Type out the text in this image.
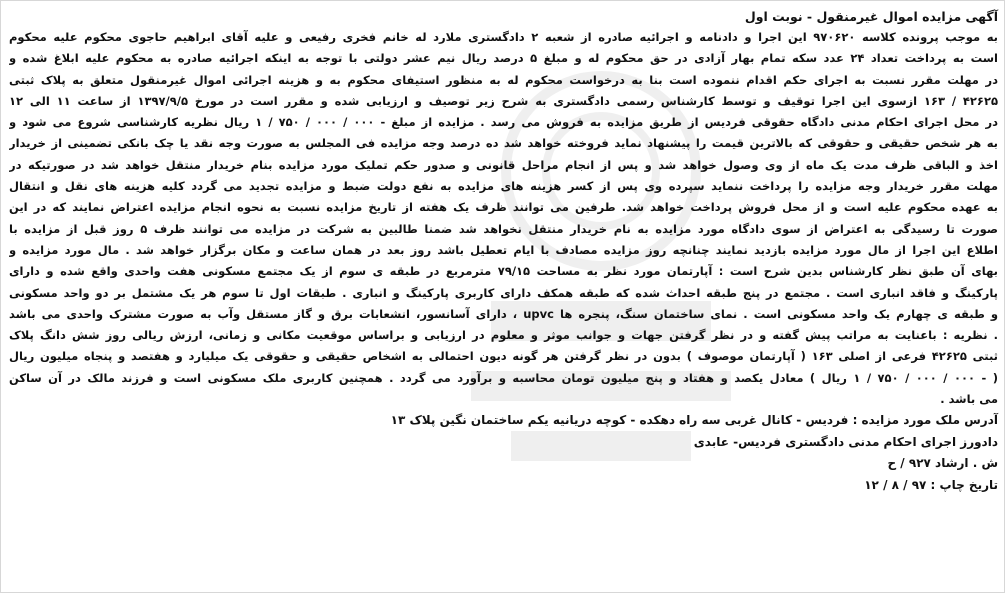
آگهی مزایده اموال غیرمنقول - نوبت اول
به موجب پرونده کلاسه ۹۷۰۶۲۰ این اجرا و دادنامه و اجرائیه صادره از شعبه ۲ دادگستری ملارد له خانم فخری رفیعی و علیه آقای ابراهیم حاجوی محکوم علیه محکوم
است به پرداخت تعداد ۲۴ عدد سکه تمام بهار آزادی در حق محکوم له و مبلغ ۵ درصد ریال نیم عشر دولتی با توجه به اینکه اجرائیه صادره به محکوم علیه ابلاغ شده و
در مهلت مقرر نسبت به اجرای حکم اقدام ننموده است بنا به درخواست محکوم له به منظور استیفای محکوم به و هزینه اجرائی اموال غیرمنقول متعلق به پلاک ثبتی
۴۲۶۲۵ / ۱۶۳ ازسوی این اجرا توقیف و توسط کارشناس رسمی دادگستری به شرح زیر توصیف و ارزیابی شده و مقرر است در مورخ ۱۳۹۷/۹/۵ از ساعت ۱۱ الی ۱۲
در محل اجرای احکام مدنی دادگاه حقوقی فردیس از طریق مزایده به فروش می رسد . مزایده از مبلغ - ۰۰۰ / ۰۰۰ / ۷۵۰ / ۱ ریال نظریه کارشناسی شروع می شود و
به هر شخص حقیقی و حقوقی که بالاترین قیمت را پیشنهاد نماید فروخته خواهد شد ده درصد وجه مزایده فی المجلس به صورت وجه نقد یا چک بانکی تضمینی از خریدار
اخذ و الباقی ظرف مدت یک ماه از وی وصول خواهد شد و پس از انجام مراحل قانونی و صدور حکم تملیک مورد مزایده بنام خریدار منتقل خواهد شد در صورتیکه در
مهلت مقرر خریدار وجه مزایده را پرداخت ننماید سپرده وی پس از کسر هزینه های مزایده به نفع دولت ضبط و مزایده تجدید می گردد کلیه هزینه های نقل و انتقال
به عهده محکوم علیه است و از محل فروش پرداخت خواهد شد. طرفین می توانند ظرف یک هفته از تاریخ مزایده نسبت به نحوه انجام مزایده اعتراض نمایند که در این
صورت تا رسیدگی به اعتراض از سوی دادگاه مورد مزایده به نام خریدار منتقل نخواهد شد ضمنا طالبین به شرکت در مزایده می توانند ظرف ۵ روز قبل از مزایده با
اطلاع این اجرا از مال مورد مزایده بازدید نمایند چنانچه روز مزایده مصادف با ایام تعطیل باشد روز بعد در همان ساعت و مکان برگزار خواهد شد . مال مورد مزایده و
بهای آن طبق نظر کارشناس بدین شرح است : آپارتمان مورد نظر به مساحت ۷۹/۱۵ مترمربع در طبقه ی سوم از یک مجتمع مسکونی هفت واحدی واقع شده و دارای
پارکینگ و فاقد انباری است . مجتمع در پنج طبقه احداث شده که طبقه همکف دارای کاربری پارکینگ و انباری . طبقات اول تا سوم هر یک مشتمل بر دو واحد مسکونی
و طبقه ی چهارم یک واحد مسکونی است . نمای ساختمان سنگ، پنجره ها upvc ، دارای آسانسور، انشعابات برق و گاز مستقل وآب به صورت مشترک واحدی می باشد
. نظریه : باعنایت به مراتب پیش گفته و در نظر گرفتن جهات و جوانب موثر و معلوم در ارزیابی و براساس موقعیت مکانی و زمانی، ارزش ریالی روز شش دانگ پلاک
ثبتی ۴۲۶۲۵ فرعی از اصلی ۱۶۳ ( آپارتمان موصوف ) بدون در نظر گرفتن هر گونه دیون احتمالی به اشخاص حقیقی و حقوقی یک میلیارد و هفتصد و پنجاه میلیون ریال
( - ۰۰۰ / ۰۰۰ / ۷۵۰ / ۱ ریال ) معادل یکصد و هفتاد و پنج میلیون تومان محاسبه و برآورد می گردد . همچنین کاربری ملک مسکونی است و فرزند مالک در آن ساکن
می باشد .
آدرس ملک مورد مزایده : فردیس - کانال غربی سه راه دهکده - کوچه دریانیه یکم ساختمان نگین پلاک ۱۳
دادورز اجرای احکام مدنی دادگستری فردیس- عابدی
ش . ارشاد ۹۲۷ / ح
تاریخ چاپ : ۹۷ / ۸ / ۱۲
